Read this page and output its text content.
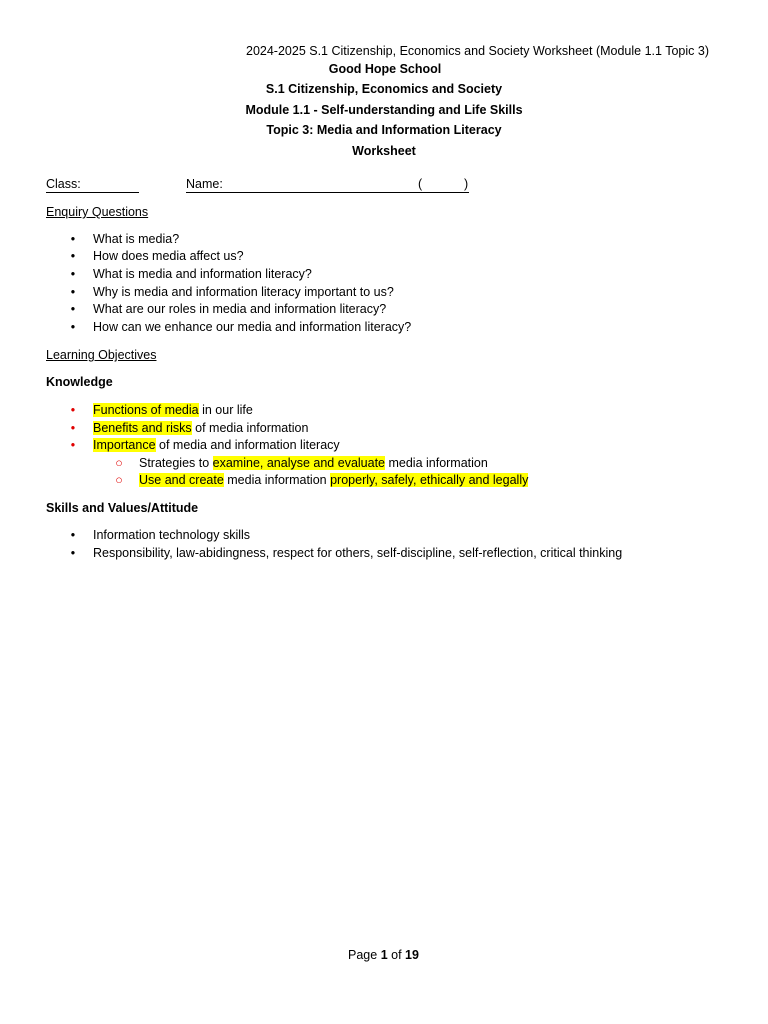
2024-2025 S.1 Citizenship, Economics and Society Worksheet (Module 1.1 Topic 3)
Good Hope School
S.1 Citizenship, Economics and Society
Module 1.1 - Self-understanding and Life Skills
Topic 3: Media and Information Literacy
Worksheet
Class:	Name:	(	)
Enquiry Questions
• What is media?
• How does media affect us?
• What is media and information literacy?
• Why is media and information literacy important to us?
• What are our roles in media and information literacy?
• How can we enhance our media and information literacy?
Learning Objectives
Knowledge
• Functions of media in our life
• Benefits and risks of media information
• Importance of media and information literacy
○ Strategies to examine, analyse and evaluate media information
○ Use and create media information properly, safely, ethically and legally
Skills and Values/Attitude
• Information technology skills
• Responsibility, law-abidingness, respect for others, self-discipline, self-reflection, critical thinking
Page 1 of 19
